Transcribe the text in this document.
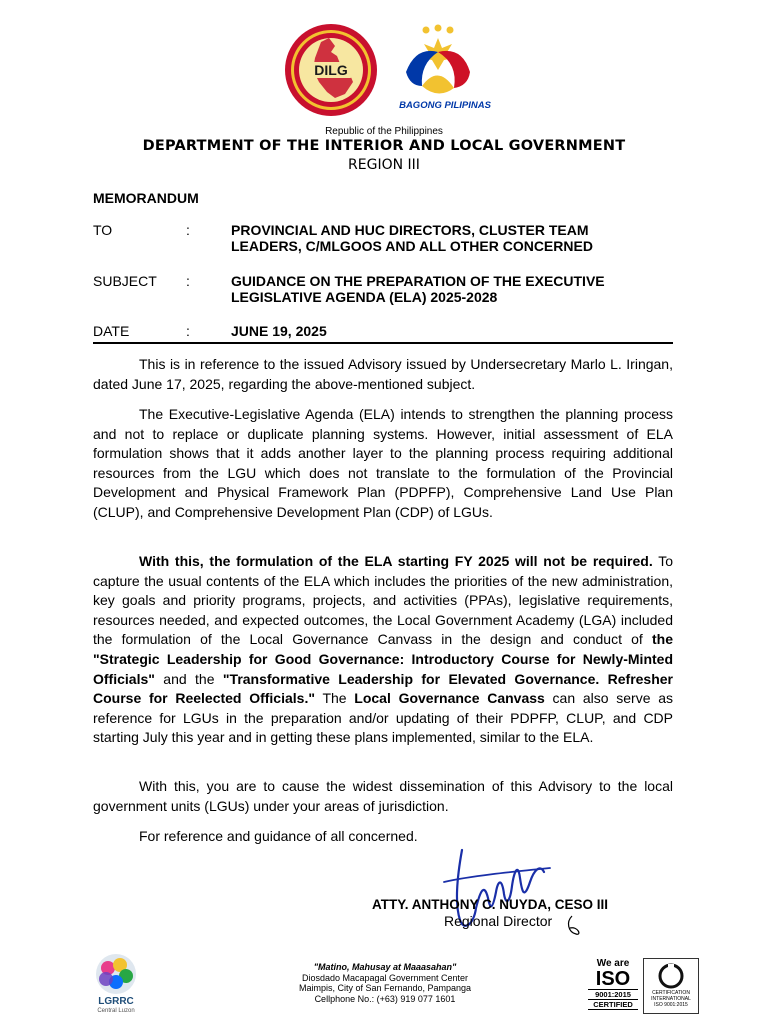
DILG
BAGONG PILIPINAS
Republic of the Philippines
DEPARTMENT OF THE INTERIOR AND LOCAL GOVERNMENT
REGION III
MEMORANDUM
TO	:	PROVINCIAL AND HUC DIRECTORS, CLUSTER TEAM
LEADERS, C/MLGOOS AND ALL OTHER CONCERNED
SUBJECT :	GUIDANCE ON THE PREPARATION OF THE EXECUTIVE
LEGISLATIVE AGENDA (ELA) 2025-2028
DATE	:	JUNE 19, 2025

This is in reference to the issued Advisory issued by Undersecretary Marlo L. Iringan, dated June 17, 2025, regarding the above-mentioned subject.

The Executive-Legislative Agenda (ELA) intends to strengthen the planning process and not to replace or duplicate planning systems. However, initial assessment of ELA formulation shows that it adds another layer to the planning process requiring additional resources from the LGU which does not translate to the formulation of the Provincial Development and Physical Framework Plan (PDPFP), Comprehensive Land Use Plan (CLUP), and Comprehensive Development Plan (CDP) of LGUs.

With this, the formulation of the ELA starting FY 2025 will not be required. To capture the usual contents of the ELA which includes the priorities of the new administration, key goals and priority programs, projects, and activities (PPAs), legislative requirements, resources needed, and expected outcomes, the Local Government Academy (LGA) included the formulation of the Local Governance Canvass in the design and conduct of the "Strategic Leadership for Good Governance: Introductory Course for Newly-Minted Officials" and the "Transformative Leadership for Elevated Governance. Refresher Course for Reelected Officials." The Local Governance Canvass can also serve as reference for LGUs in the preparation and/or updating of their PDPFP, CLUP, and CDP starting July this year and in getting these plans implemented, similar to the ELA.

With this, you are to cause the widest dissemination of this Advisory to the local government units (LGUs) under your areas of jurisdiction.

For reference and guidance of all concerned.

ATTY. ANTHONY C. NUYDA, CESO III
Regional Director
LGRRC
Central Luzon
"Matino, Mahusay at Maaasahan"
Diosdado Macapagal Government Center
Maimpis, City of San Fernando, Pampanga
Cellphone No.: (+63) 919 077 1601
We are
ISO
9001:2015
CERTIFIED
CERTIFICATION
INTERNATIONAL
ISO 9001:2015
